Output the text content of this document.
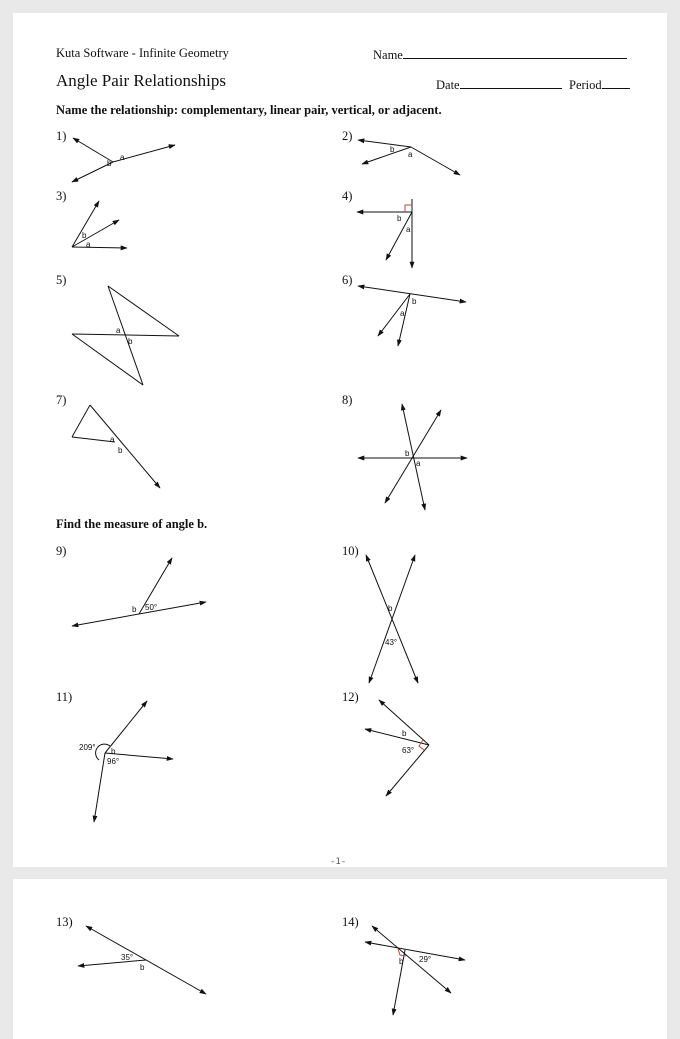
Kuta Software - Infinite Geometry	Name
Angle Pair Relationships	Date	Period
Name the relationship: complementary, linear pair, vertical, or adjacent.
1)	2)
3)	4)
5)	6)
7)	8)
Find the measure of angle b.
9)	10)
11)	12)
-1-
13)	14)
a
b
b
a
b
a
b
a
a
b
b
a
a
b	b
a
b 50°	b
43°
209° b
96°
b
63°
35°
b
b 29°
